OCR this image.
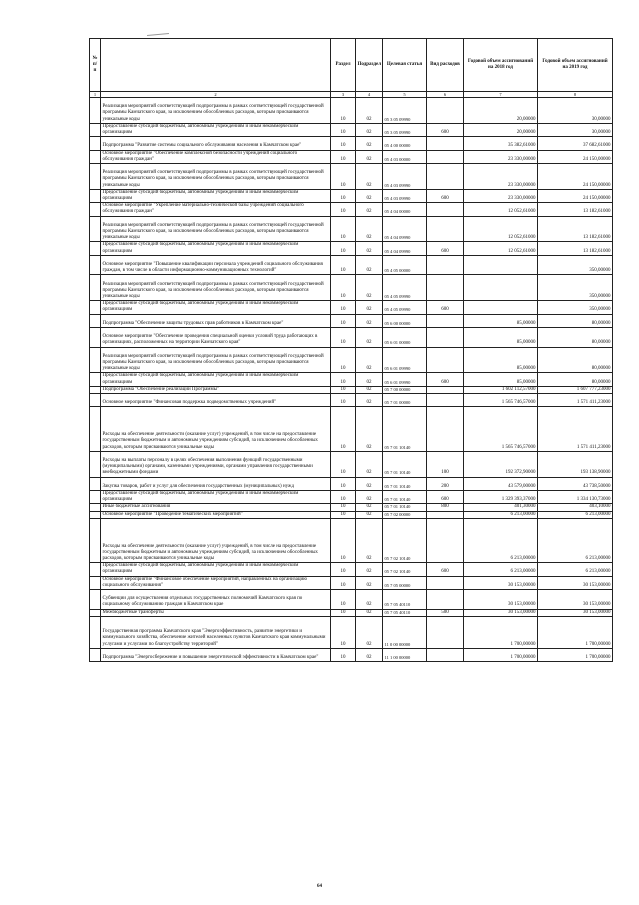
№ п/п		Раздел	Подраздел	Целевая статья	Вид расходов	Годовой объем ассигнований на 2018 год	Годовой объем ассигнований на 2019 год
1	2	3	4	5	6	7	8
	Реализация мероприятий соответствующей подпрограммы в рамках соответствующей государственной программы Камчатского края, за исключением обособленных расходов, которым присваиваются уникальные коды	10	02	05 3 05 09990		20,00000	30,00000
	Предоставление субсидий бюджетным, автономным учреждениям и иным некоммерческим организациям	10	02	05 3 05 09990	600	20,00000	30,00000
	Подпрограмма "Развитие системы социального обслуживания населения в Камчатском крае"	10	02	05 4 00 00000		35 382,61000	37 682,61000
	Основное мероприятие "Обеспечение комплексной безопасности учреждений социального обслуживания граждан"	10	02	05 4 03 00000		23 330,00000	24 150,00000
	Реализация мероприятий соответствующей подпрограммы в рамках соответствующей государственной программы Камчатского края, за исключением обособленных расходов, которым присваиваются уникальные коды	10	02	05 4 03 09990		23 330,00000	24 150,00000
	Предоставление субсидий бюджетным, автономным учреждениям и иным некоммерческим организациям	10	02	05 4 03 09990	600	23 330,00000	24 150,00000
	Основное мероприятие "Укрепление материально-технической базы учреждений социального обслуживания граждан"	10	02	05 4 04 00000		12 052,61000	13 182,61000
	Реализация мероприятий соответствующей подпрограммы в рамках соответствующей государственной программы Камчатского края, за исключением обособленных расходов, которым присваиваются уникальные коды	10	02	05 4 04 09990		12 052,61000	13 182,61000
	Предоставление субсидий бюджетным, автономным учреждениям и иным некоммерческим организациям	10	02	05 4 04 09990	600	12 052,61000	13 182,61000
	Основное мероприятие "Повышение квалификации персонала учреждений социального обслуживания граждан, в том числе в области информационно-коммуникационных технологий"	10	02	05 4 05 00000			350,00000
	Реализация мероприятий соответствующей подпрограммы в рамках соответствующей государственной программы Камчатского края, за исключением обособленных расходов, которым присваиваются уникальные коды	10	02	05 4 05 09990			350,00000
	Предоставление субсидий бюджетным, автономным учреждениям и иным некоммерческим организациям	10	02	05 4 05 09990	600		350,00000
	Подпрограмма "Обеспечение защиты трудовых прав работников в Камчатском крае"	10	02	05 6 00 00000		85,00000	80,00000
	Основное мероприятие "Обеспечение проведения специальной оценки условий труда работающих в организациях, расположенных на территории Камчатского края"	10	02	05 6 01 00000		85,00000	80,00000
	Реализация мероприятий соответствующей подпрограммы в рамках соответствующей государственной программы Камчатского края, за исключением обособленных расходов, которым присваиваются уникальные коды	10	02	05 6 01 09990		85,00000	80,00000
	Предоставление субсидий бюджетным, автономным учреждениям и иным некоммерческим организациям	10	02	05 6 01 09990	600	85,00000	80,00000
	Подпрограмма "Обеспечение реализации Программы"	10	02	05 7 00 00000		1 602 112,57000	1 607 777,23000
	Основное мероприятие "Финансовая поддержка подведомственных учреждений"	10	02	05 7 01 00000		1 565 746,57000	1 571 411,23000
	Расходы на обеспечение деятельности (оказание услуг) учреждений, в том числе на предоставление государственным бюджетным и автономным учреждениям субсидий, за исключением обособленных расходов, которым присваиваются уникальные коды	10	02	05 7 01 10140		1 565 746,57000	1 571 411,23000
	Расходы на выплаты персоналу в целях обеспечения выполнения функций государственными (муниципальными) органами, казенными учреждениями, органами управления государственными внебюджетными фондами	10	02	05 7 01 10140	100	192 372,90000	193 138,90000
	Закупка товаров, работ и услуг для обеспечения государственных (муниципальных) нужд	10	02	05 7 01 10140	200	43 579,00000	43 738,50000
	Предоставление субсидий бюджетным, автономным учреждениям и иным некоммерческим организациям	10	02	05 7 01 10140	600	1 329 393,37000	1 334 130,73000
	Иные бюджетные ассигнования	10	02	05 7 01 10140	800	401,30000	403,10000
	Основное мероприятие "Проведение тематических мероприятий"	10	02	05 7 02 00000		6 213,00000	6 213,00000
	Расходы на обеспечение деятельности (оказание услуг) учреждений, в том числе на предоставление государственным бюджетным и автономным учреждениям субсидий, за исключением обособленных расходов, которым присваиваются уникальные коды	10	02	05 7 02 10140		6 213,00000	6 213,00000
	Предоставление субсидий бюджетным, автономным учреждениям и иным некоммерческим организациям	10	02	05 7 02 10140	600	6 213,00000	6 213,00000
	Основное мероприятие "Финансовое обеспечение мероприятий, направленных на организацию социального обслуживания"	10	02	05 7 05 00000		30 153,00000	30 153,00000
	Субвенции для осуществления отдельных государственных полномочий Камчатского края по социальному обслуживанию граждан в Камчатском крае	10	02	05 7 05 40110		30 153,00000	30 153,00000
	Межбюджетные трансферты	10	02	05 7 05 40110	500	30 153,00000	30 153,00000
	Государственная программа Камчатского края "Энергоэффективность, развитие энергетики и коммунального хозяйства, обеспечение жителей населенных пунктов Камчатского края коммунальными услугами и услугами по благоустройству территорий"	10	02	11 0 00 00000		1 700,00000	1 700,00000
	Подпрограмма "Энергосбережение и повышение энергетической эффективности в Камчатском крае"	10	02	11 1 00 00000		1 700,00000	1 700,00000
64
